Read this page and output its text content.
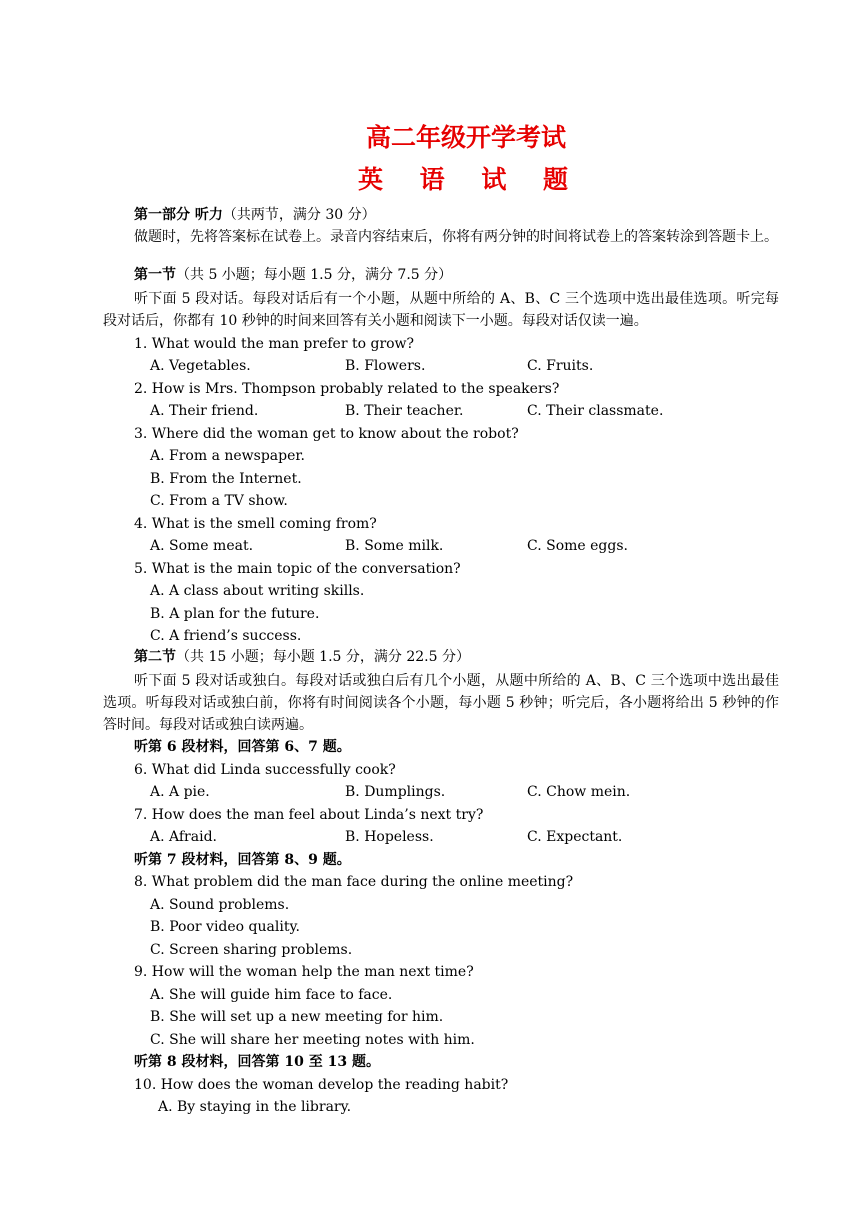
高二年级开学考试
英 语 试 题
第一部分 听力（共两节，满分 30 分）
做题时，先将答案标在试卷上。录音内容结束后，你将有两分钟的时间将试卷上的答案转涂到答题卡上。
第一节（共 5 小题；每小题 1.5 分，满分 7.5 分）
听下面 5 段对话。每段对话后有一个小题，从题中所给的 A、B、C 三个选项中选出最佳选项。听完每段对话后，你都有 10 秒钟的时间来回答有关小题和阅读下一小题。每段对话仅读一遍。
1. What would the man prefer to grow?
A. Vegetables.	B. Flowers.	C. Fruits.
2. How is Mrs. Thompson probably related to the speakers?
A. Their friend.	B. Their teacher.	C. Their classmate.
3. Where did the woman get to know about the robot?
A. From a newspaper.
B. From the Internet.
C. From a TV show.
4. What is the smell coming from?
A. Some meat.	B. Some milk.	C. Some eggs.
5. What is the main topic of the conversation?
A. A class about writing skills.
B. A plan for the future.
C. A friend’s success.
第二节（共 15 小题；每小题 1.5 分，满分 22.5 分）
听下面 5 段对话或独白。每段对话或独白后有几个小题，从题中所给的 A、B、C 三个选项中选出最佳选项。听每段对话或独白前，你将有时间阅读各个小题，每小题 5 秒钟；听完后，各小题将给出 5 秒钟的作答时间。每段对话或独白读两遍。
听第 6 段材料，回答第 6、7 题。
6. What did Linda successfully cook?
A. A pie.	B. Dumplings.	C. Chow mein.
7. How does the man feel about Linda’s next try?
A. Afraid.	B. Hopeless.	C. Expectant.
听第 7 段材料，回答第 8、9 题。
8. What problem did the man face during the online meeting?
A. Sound problems.
B. Poor video quality.
C. Screen sharing problems.
9. How will the woman help the man next time?
A. She will guide him face to face.
B. She will set up a new meeting for him.
C. She will share her meeting notes with him.
听第 8 段材料，回答第 10 至 13 题。
10. How does the woman develop the reading habit?
A. By staying in the library.
